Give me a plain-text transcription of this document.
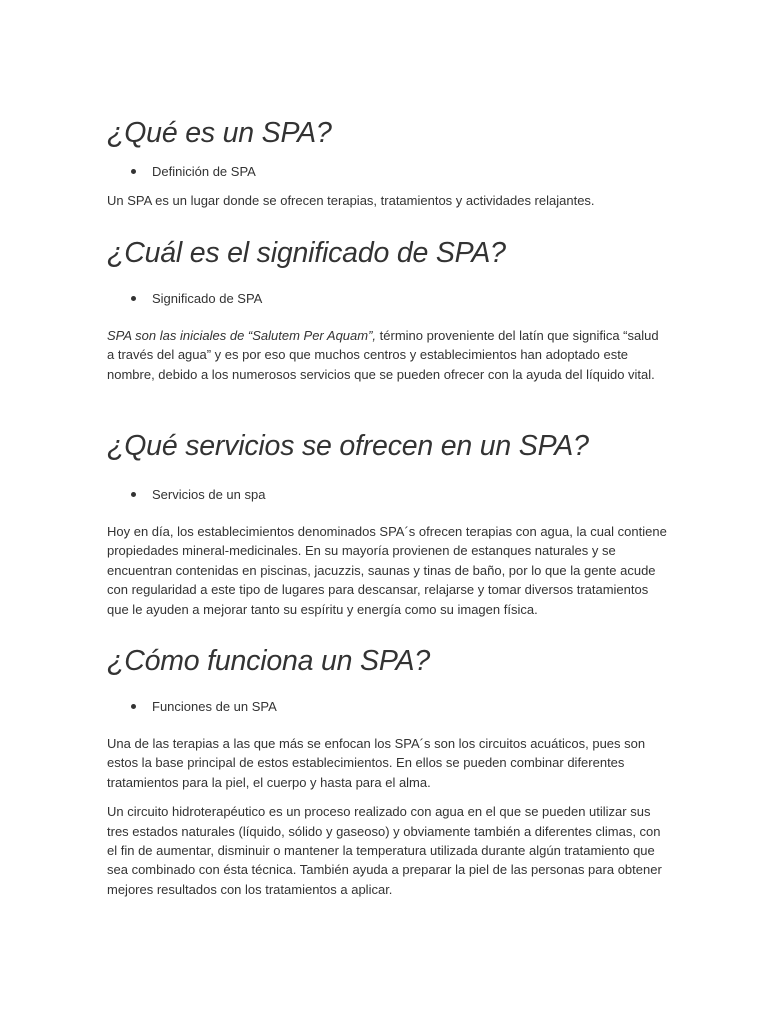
¿Qué es un SPA?
Definición de SPA

Un SPA es un lugar donde se ofrecen terapias, tratamientos y actividades relajantes.

¿Cuál es el significado de SPA?
Significado de SPA

SPA son las iniciales de “Salutem Per Aquam”, término proveniente del latín que significa “salud a través del agua” y es por eso que muchos centros y establecimientos han adoptado este nombre, debido a los numerosos servicios que se pueden ofrecer con la ayuda del líquido vital.

¿Qué servicios se ofrecen en un SPA?
Servicios de un spa

Hoy en día, los establecimientos denominados SPA´s ofrecen terapias con agua, la cual contiene propiedades mineral-medicinales. En su mayoría provienen de estanques naturales y se encuentran contenidas en piscinas, jacuzzis, saunas y tinas de baño, por lo que la gente acude con regularidad a este tipo de lugares para descansar, relajarse y tomar diversos tratamientos que le ayuden a mejorar tanto su espíritu y energía como su imagen física.

¿Cómo funciona un SPA?
Funciones de un SPA

Una de las terapias a las que más se enfocan los SPA´s son los circuitos acuáticos, pues son estos la base principal de estos establecimientos. En ellos se pueden combinar diferentes tratamientos para la piel, el cuerpo y hasta para el alma.

Un circuito hidroterapéutico es un proceso realizado con agua en el que se pueden utilizar sus tres estados naturales (líquido, sólido y gaseoso) y obviamente también a diferentes climas, con el fin de aumentar, disminuir o mantener la temperatura utilizada durante algún tratamiento que sea combinado con ésta técnica. También ayuda a preparar la piel de las personas para obtener mejores resultados con los tratamientos a aplicar.
